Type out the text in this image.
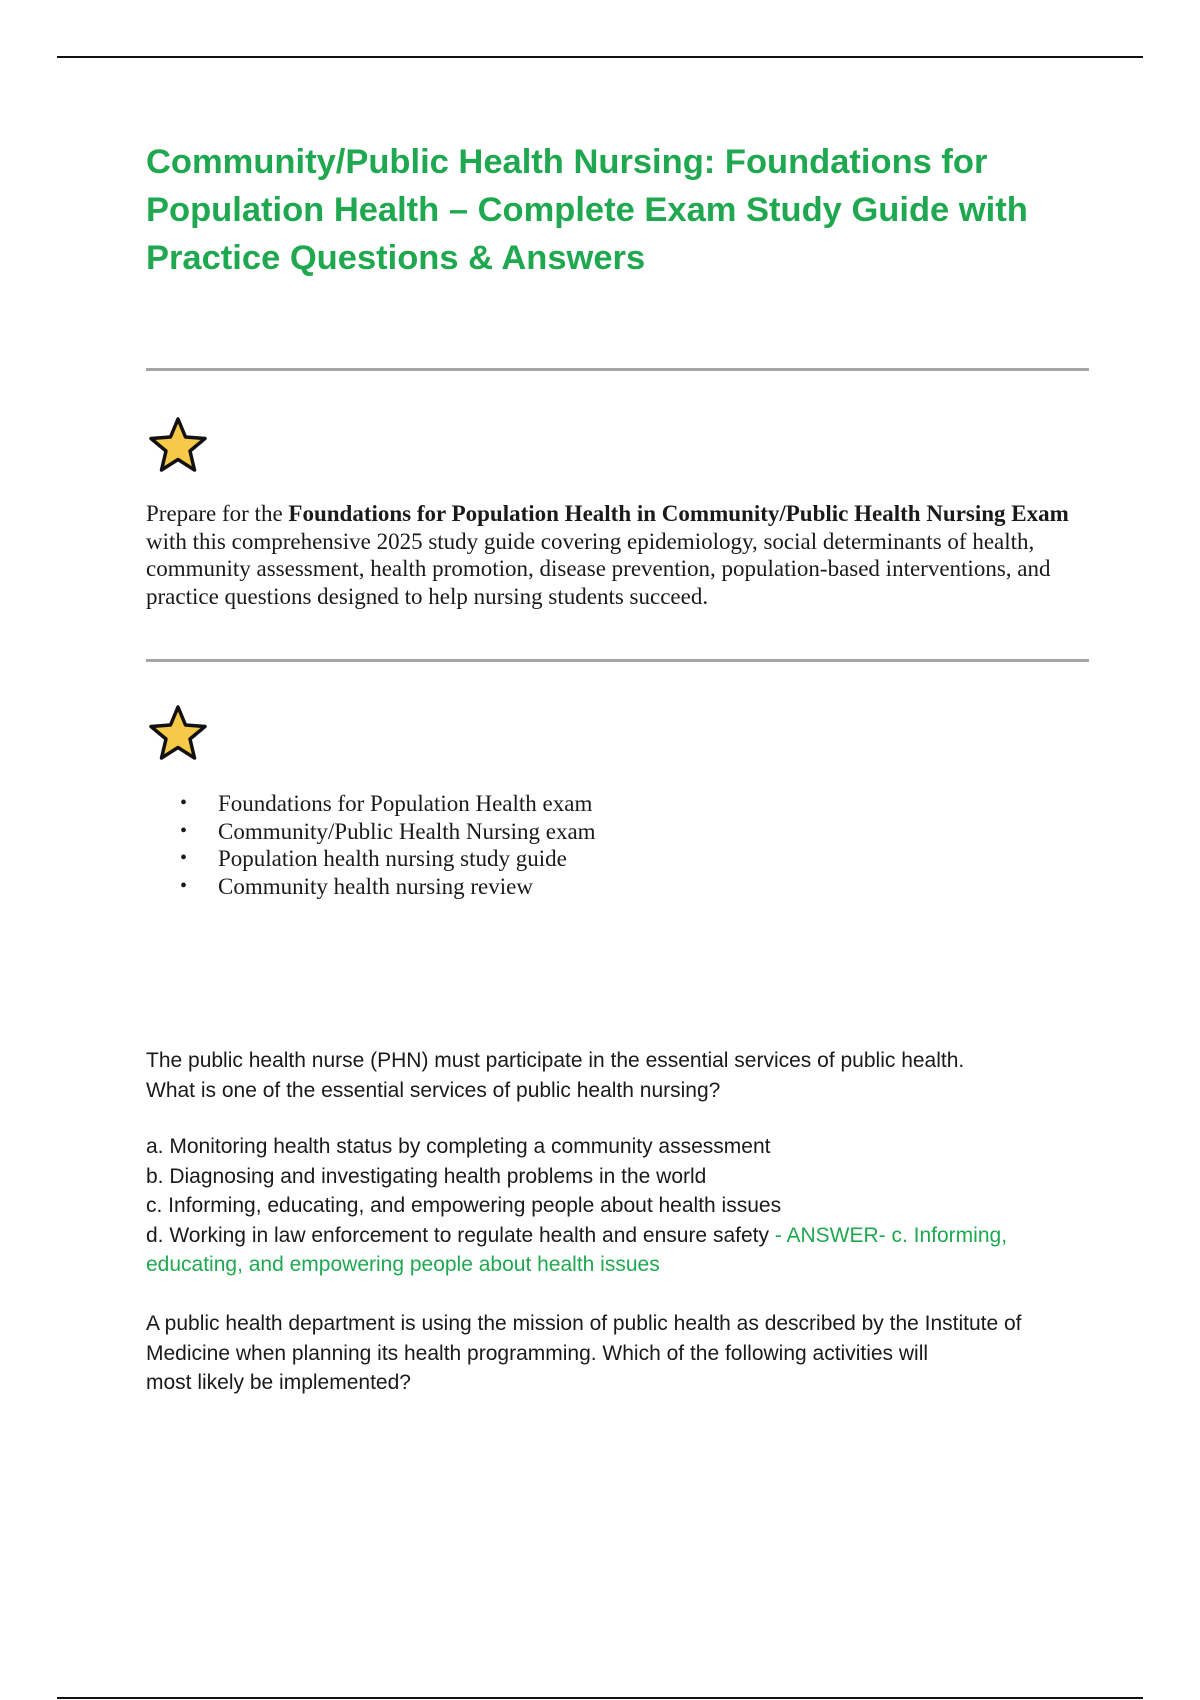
Community/Public Health Nursing: Foundations for Population Health – Complete Exam Study Guide with Practice Questions & Answers

Prepare for the Foundations for Population Health in Community/Public Health Nursing Exam with this comprehensive 2025 study guide covering epidemiology, social determinants of health, community assessment, health promotion, disease prevention, population-based interventions, and practice questions designed to help nursing students succeed.

• Foundations for Population Health exam
• Community/Public Health Nursing exam
• Population health nursing study guide
• Community health nursing review
The public health nurse (PHN) must participate in the essential services of public health.
What is one of the essential services of public health nursing?
a. Monitoring health status by completing a community assessment
b. Diagnosing and investigating health problems in the world
c. Informing, educating, and empowering people about health issues
d. Working in law enforcement to regulate health and ensure safety - ANSWER- c. Informing, educating, and empowering people about health issues
A public health department is using the mission of public health as described by the Institute of
Medicine when planning its health programming. Which of the following activities will
most likely be implemented?
